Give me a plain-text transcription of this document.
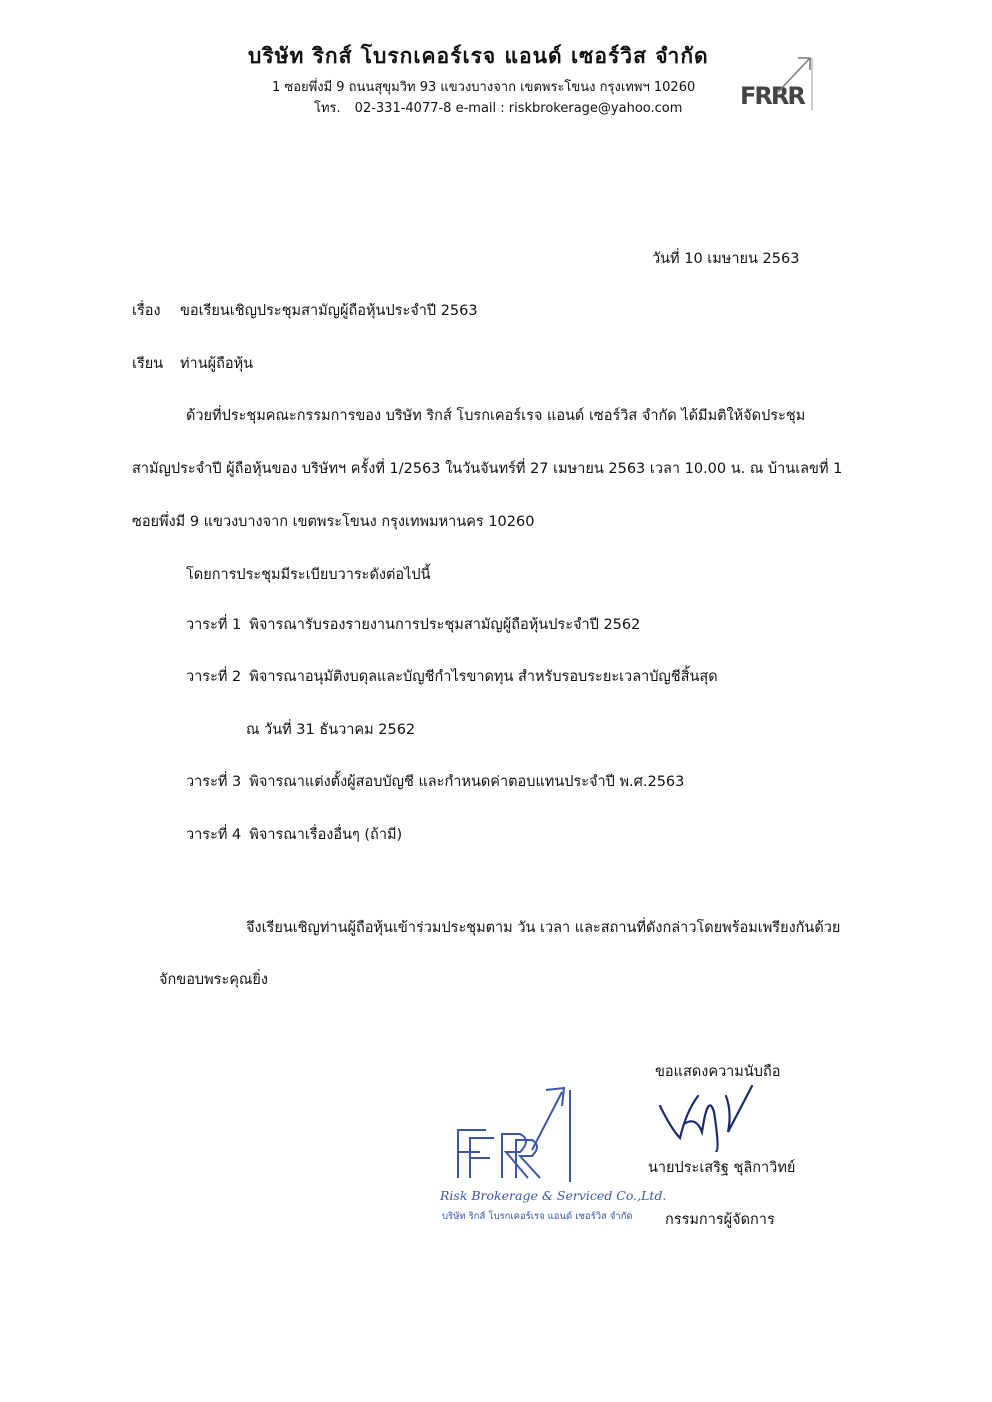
บริษัท ริกส์ โบรกเคอร์เรจ แอนด์ เซอร์วิส จำกัด
1 ซอยพึ่งมี 9 ถนนสุขุมวิท 93 แขวงบางจาก เขตพระโขนง กรุงเทพฯ 10260
โทร. 02-331-4077-8 e-mail : riskbrokerage@yahoo.com FRRR
วันที่ 10 เมษายน 2563
เรื่อง ขอเรียนเชิญประชุมสามัญผู้ถือหุ้นประจำปี 2563
เรียน ท่านผู้ถือหุ้น
ด้วยที่ประชุมคณะกรรมการของ บริษัท ริกส์ โบรกเคอร์เรจ แอนด์ เซอร์วิส จำกัด ได้มีมติให้จัดประชุม
สามัญประจำปี ผู้ถือหุ้นของ บริษัทฯ ครั้งที่ 1/2563 ในวันจันทร์ที่ 27 เมษายน 2563 เวลา 10.00 น. ณ บ้านเลขที่ 1
ซอยพึ่งมี 9 แขวงบางจาก เขตพระโขนง กรุงเทพมหานคร 10260
โดยการประชุมมีระเบียบวาระดังต่อไปนี้
วาระที่ 1 พิจารณารับรองรายงานการประชุมสามัญผู้ถือหุ้นประจำปี 2562
วาระที่ 2 พิจารณาอนุมัติงบดุลและบัญชีกำไรขาดทุน สำหรับรอบระยะเวลาบัญชีสิ้นสุด
ณ วันที่ 31 ธันวาคม 2562
วาระที่ 3 พิจารณาแต่งตั้งผู้สอบบัญชี และกำหนดค่าตอบแทนประจำปี พ.ศ.2563
วาระที่ 4 พิจารณาเรื่องอื่นๆ (ถ้ามี)
จึงเรียนเชิญท่านผู้ถือหุ้นเข้าร่วมประชุมตาม วัน เวลา และสถานที่ดังกล่าวโดยพร้อมเพรียงกันด้วย
จักขอบพระคุณยิ่ง
Risk Brokerage & Serviced Co.,Ltd.
บริษัท ริกส์ โบรกเคอร์เรจ แอนด์ เซอร์วิส จำกัด
ขอแสดงความนับถือ
นายประเสริฐ ชุลิกาวิทย์
กรรมการผู้จัดการ
